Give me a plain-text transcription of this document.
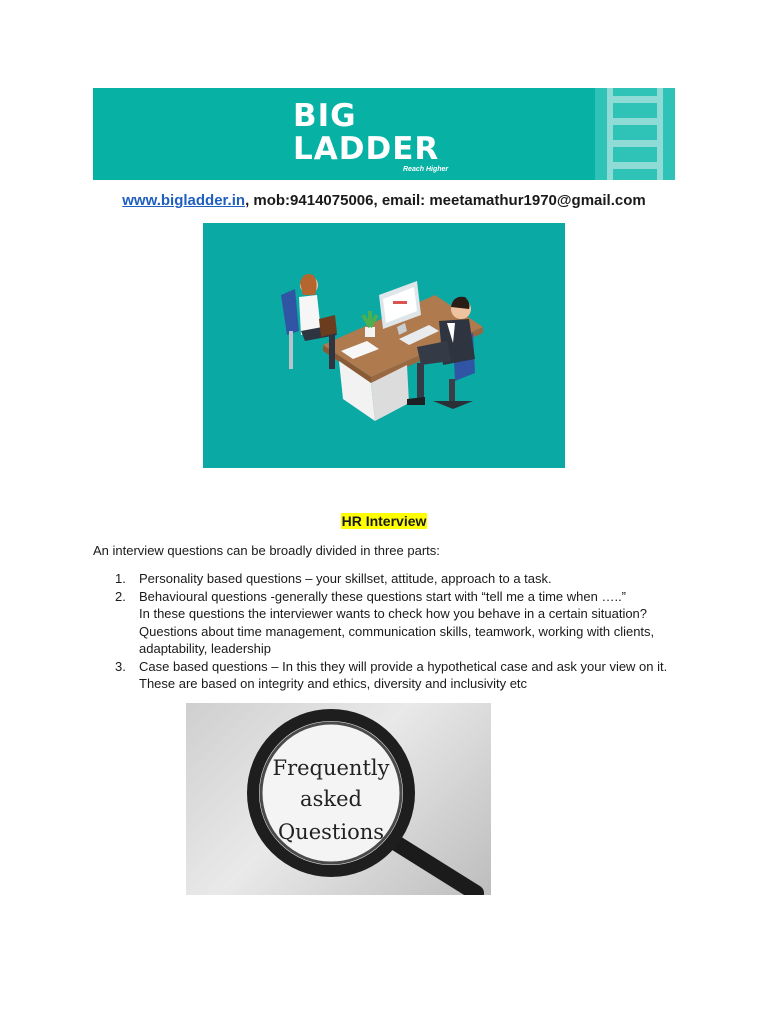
BIG
LADDER
Reach Higher
www.bigladder.in, mob:9414075006, email: meetamathur1970@gmail.com
HR Interview
An interview questions can be broadly divided in three parts:
1. Personality based questions – your skillset, attitude, approach to a task.
2. Behavioural questions -generally these questions start with “tell me a time when …..”
In these questions the interviewer wants to check how you behave in a certain situation?
Questions about time management, communication skills, teamwork, working with clients,
adaptability, leadership
3. Case based questions – In this they will provide a hypothetical case and ask your view on it.
These are based on integrity and ethics, diversity and inclusivity etc
Frequently
asked
Questions
